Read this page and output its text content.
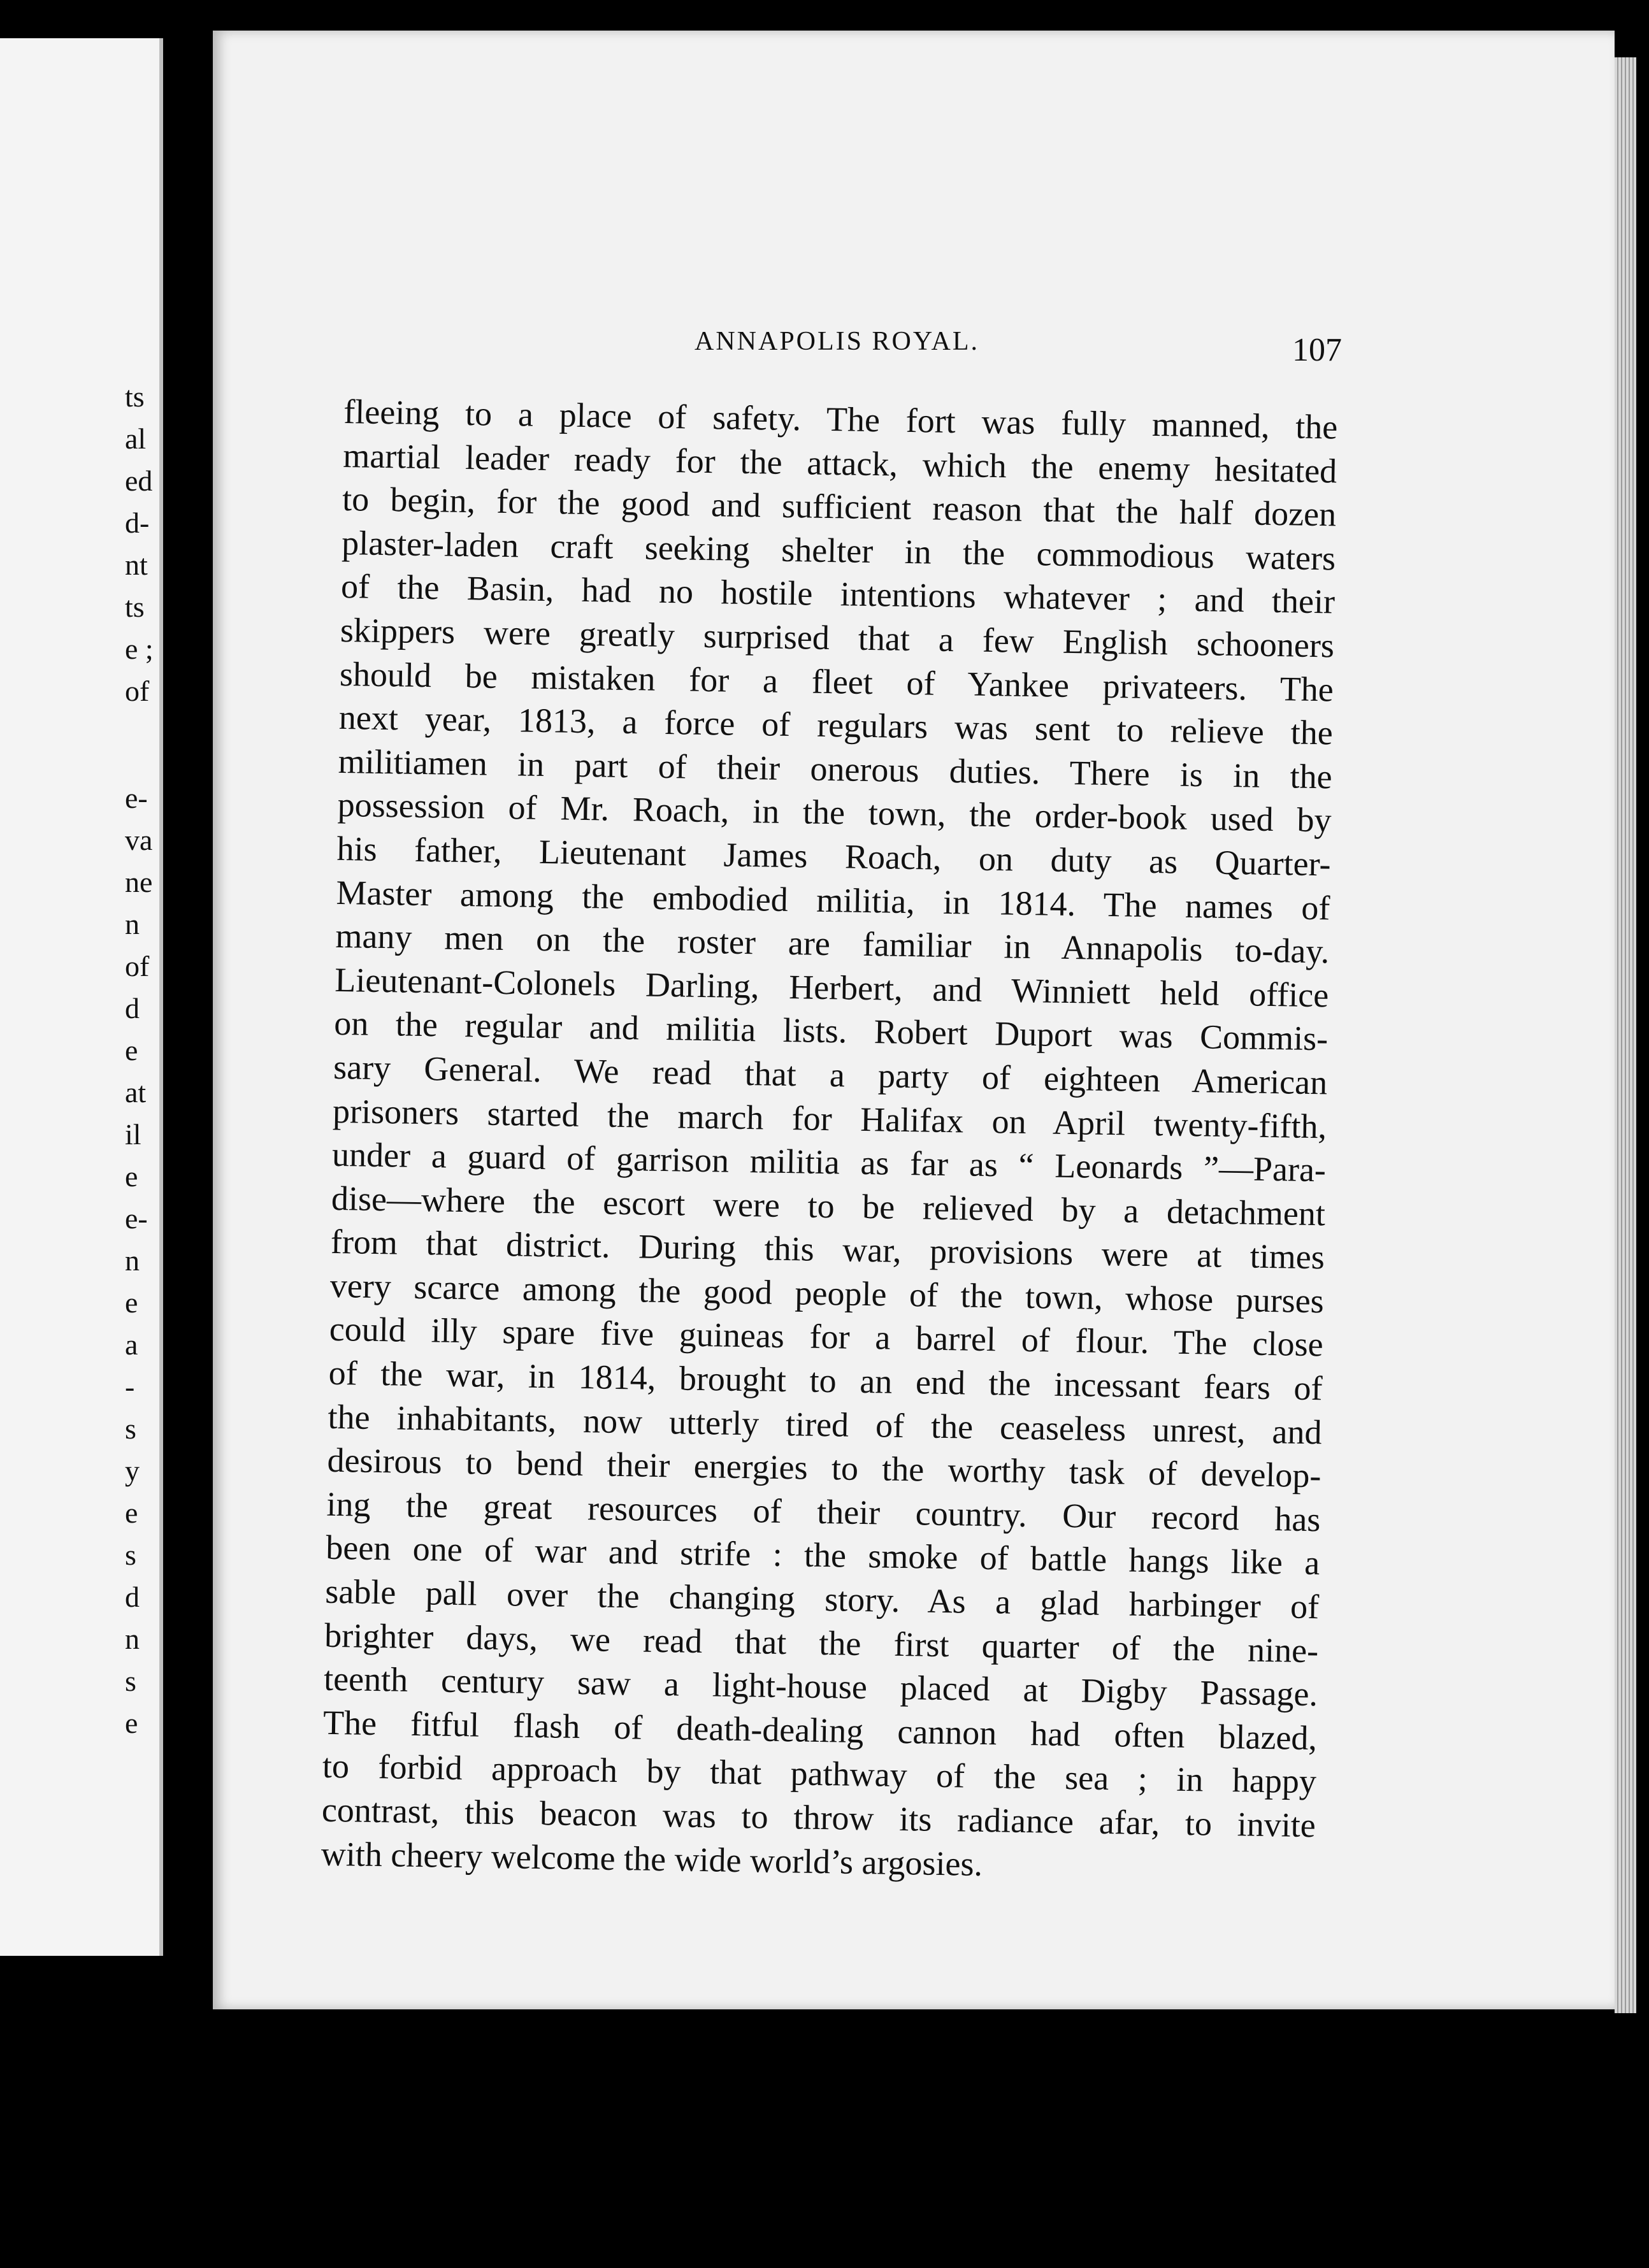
ts
al
ed
d-
nt
ts
e ;
of
e-
va
ne
n
of
d
e
at
il
e
e-
n
e
a
-
s
y
e
s
d
n
s
e
ANNAPOLIS ROYAL.	107
fleeing to a place of safety. The fort was fully manned, the
martial leader ready for the attack, which the enemy hesitated
to begin, for the good and sufficient reason that the half dozen
plaster-laden craft seeking shelter in the commodious waters
of the Basin, had no hostile intentions whatever ; and their
skippers were greatly surprised that a few English schooners
should be mistaken for a fleet of Yankee privateers. The
next year, 1813, a force of regulars was sent to relieve the
militiamen in part of their onerous duties. There is in the
possession of Mr. Roach, in the town, the order-book used by
his father, Lieutenant James Roach, on duty as Quarter-
Master among the embodied militia, in 1814. The names of
many men on the roster are familiar in Annapolis to-day.
Lieutenant-Colonels Darling, Herbert, and Winniett held office
on the regular and militia lists. Robert Duport was Commis-
sary General. We read that a party of eighteen American
prisoners started the march for Halifax on April twenty-fifth,
under a guard of garrison militia as far as “ Leonards ”—Para-
dise—where the escort were to be relieved by a detachment
from that district. During this war, provisions were at times
very scarce among the good people of the town, whose purses
could illy spare five guineas for a barrel of flour. The close
of the war, in 1814, brought to an end the incessant fears of
the inhabitants, now utterly tired of the ceaseless unrest, and
desirous to bend their energies to the worthy task of develop-
ing the great resources of their country. Our record has
been one of war and strife : the smoke of battle hangs like a
sable pall over the changing story. As a glad harbinger of
brighter days, we read that the first quarter of the nine-
teenth century saw a light-house placed at Digby Passage.
The fitful flash of death-dealing cannon had often blazed,
to forbid approach by that pathway of the sea ; in happy
contrast, this beacon was to throw its radiance afar, to invite
with cheery welcome the wide world’s argosies.
